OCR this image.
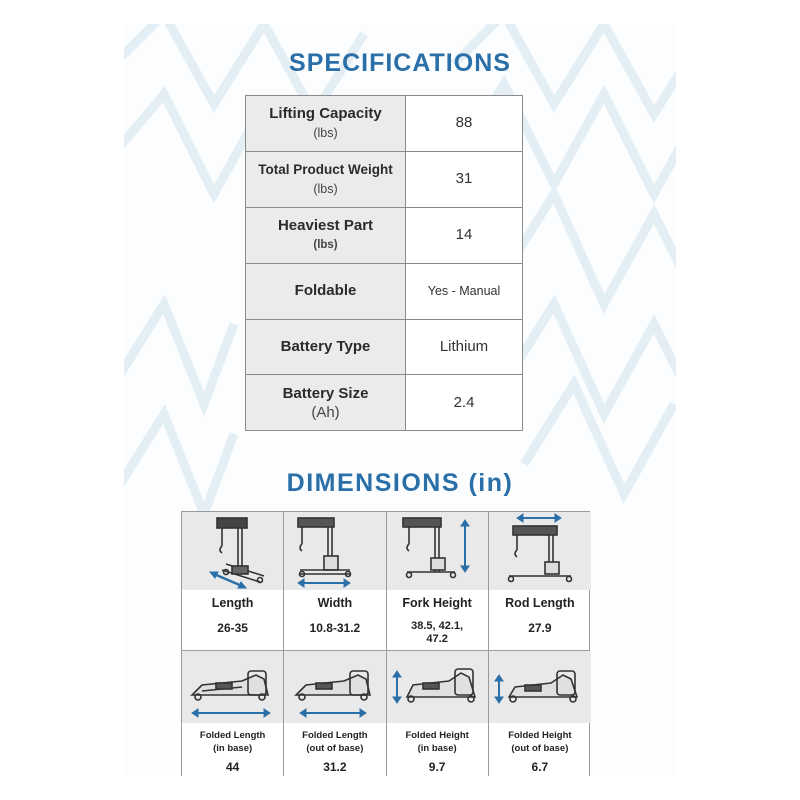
SPECIFICATIONS
Lifting Capacity
(lbs)	88

Total Product Weight
(lbs)	31

Heaviest Part
(lbs)	14

Foldable	Yes - Manual

Battery Type	Lithium

Battery Size
(Ah)	2.4
DIMENSIONS (in)
Length
26-35
Width
10.8-31.2
Fork Height
38.5, 42.1,
47.2
Rod Length
27.9
Folded Length
(in base)
44
Folded Length
(out of base)
31.2
Folded Height
(in base)
9.7
Folded Height
(out of base)
6.7
